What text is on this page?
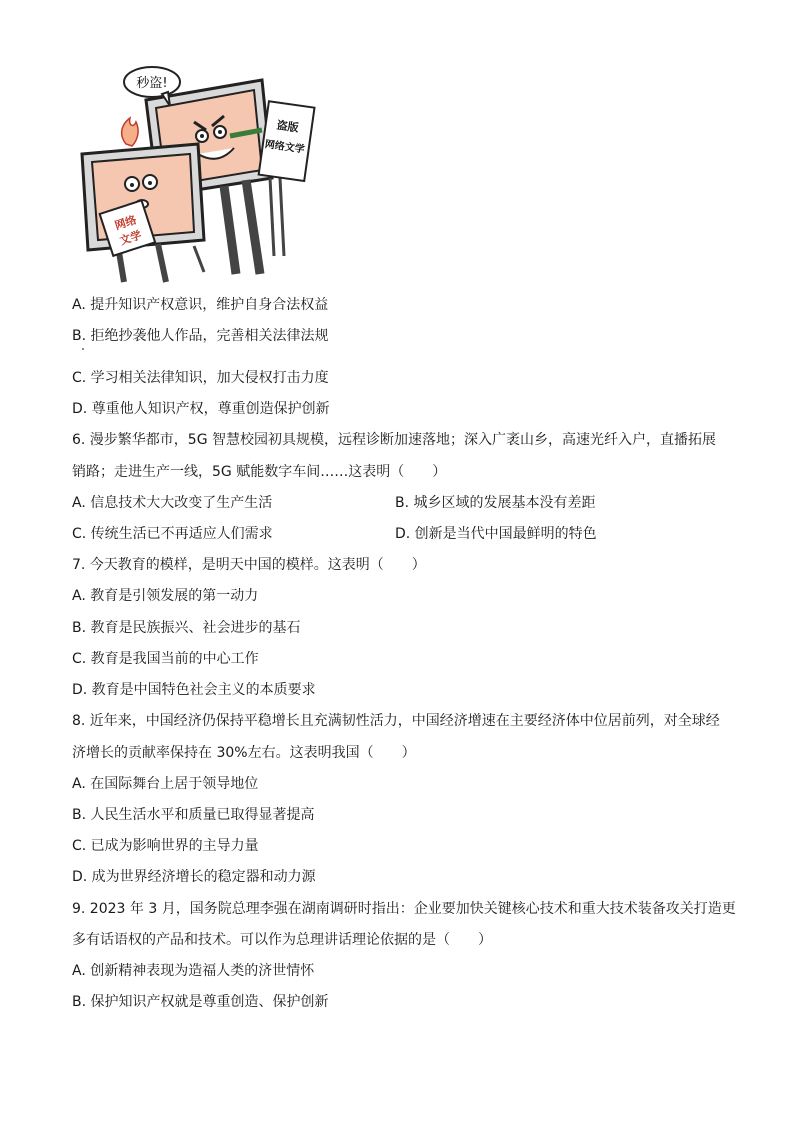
秒盗!
盗版
网络文学
网络
文学
A. 提升知识产权意识，维护自身合法权益
B. 拒绝抄袭他人作品，完善相关法律法规
C. 学习相关法律知识，加大侵权打击力度
D. 尊重他人知识产权，尊重创造保护创新
6. 漫步繁华都市，5G 智慧校园初具规模，远程诊断加速落地；深入广袤山乡，高速光纤入户，直播拓展
销路；走进生产一线，5G 赋能数字车间……这表明（　　）
A. 信息技术大大改变了生产生活	B. 城乡区域的发展基本没有差距
C. 传统生活已不再适应人们需求	D. 创新是当代中国最鲜明的特色
7. 今天教育的模样，是明天中国的模样。这表明（　　）
A. 教育是引领发展的第一动力
B. 教育是民族振兴、社会进步的基石
C. 教育是我国当前的中心工作
D. 教育是中国特色社会主义的本质要求
8. 近年来，中国经济仍保持平稳增长且充满韧性活力，中国经济增速在主要经济体中位居前列，对全球经
济增长的贡献率保持在 30%左右。这表明我国（　　）
A. 在国际舞台上居于领导地位
B. 人民生活水平和质量已取得显著提高
C. 已成为影响世界的主导力量
D. 成为世界经济增长的稳定器和动力源
9. 2023 年 3 月，国务院总理李强在湖南调研时指出：企业要加快关键核心技术和重大技术装备攻关打造更
多有话语权的产品和技术。可以作为总理讲话理论依据的是（　　）
A. 创新精神表现为造福人类的济世情怀
B. 保护知识产权就是尊重创造、保护创新
